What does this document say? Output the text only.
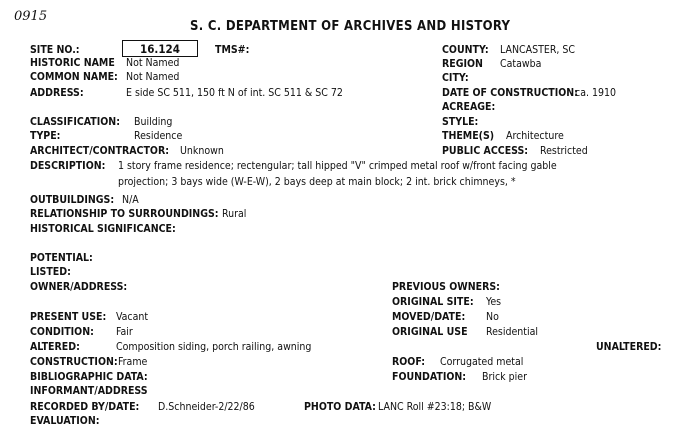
0915
S. C. DEPARTMENT OF ARCHIVES AND HISTORY
SITE NO.:	16.124	TMS#:
HISTORIC NAME Not Named
COMMON NAME: Not Named
ADDRESS:	E side SC 511, 150 ft N of int. SC 511 & SC 72
COUNTY: LANCASTER, SC
REGION Catawba
CITY:
DATE OF CONSTRUCTION:
ca. 1910
ACREAGE:
STYLE:
THEME(S) Architecture
PUBLIC ACCESS: Restricted
CLASSIFICATION: Building
TYPE:	Residence
ARCHITECT/CONTRACTOR: Unknown
DESCRIPTION: 1 story frame residence; rectengular; tall hipped "V" crimped metal roof w/front facing gable
projection; 3 bays wide (W-E-W), 2 bays deep at main block; 2 int. brick chimneys, *
OUTBUILDINGS: N/A
RELATIONSHIP TO SURROUNDINGS: Rural
HISTORICAL SIGNIFICANCE:
POTENTIAL:
LISTED:
OWNER/ADDRESS:	PREVIOUS OWNERS:
ORIGINAL SITE: Yes
MOVED/DATE: No
ORIGINAL USE Residential
UNALTERED:
ROOF: Corrugated metal
FOUNDATION: Brick pier
PRESENT USE: Vacant
CONDITION: Fair
ALTERED:	Composition siding, porch railing, awning
CONSTRUCTION: Frame
BIBLIOGRAPHIC DATA:
INFORMANT/ADDRESS
RECORDED BY/DATE: D.Schneider-2/22/86	PHOTO DATA: LANC Roll #23:18; B&W
EVALUATION:
